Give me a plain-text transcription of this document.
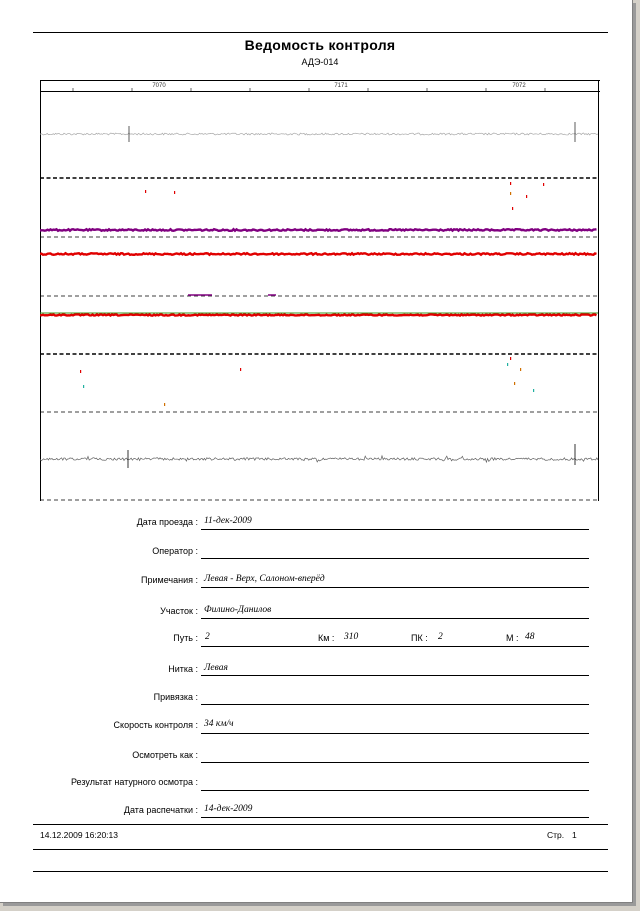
Ведомость контроля
АДЭ-014
7070	7171	7072
Дата проезда : 11-дек-2009
Оператор :
Примечания : Левая - Верх, Салоном-вперёд
Участок : Филино-Данилов
Путь : 2	Км : 310	ПК : 2	М : 48
Нитка : Левая
Привязка :
Скорость контроля : 34 км/ч
Осмотреть как :
Результат натурного осмотра :
Дата распечатки : 14-дек-2009
14.12.2009 16:20:13	Стр. 1
